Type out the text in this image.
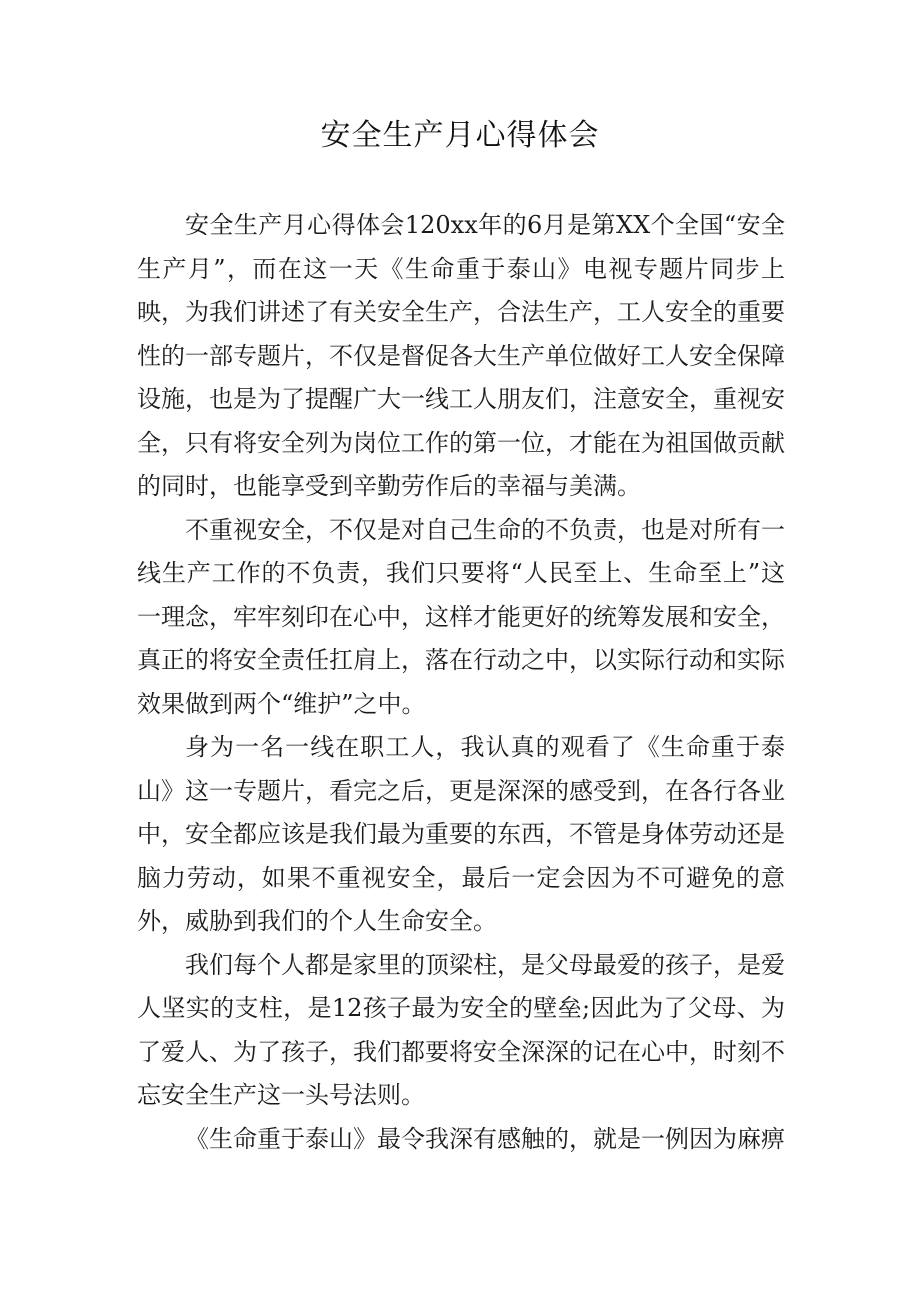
安全生产月心得体会

安全生产月心得体会120xx年的6月是第XX个全国“安全生产月”，而在这一天《生命重于泰山》电视专题片同步上映，为我们讲述了有关安全生产，合法生产，工人安全的重要性的一部专题片，不仅是督促各大生产单位做好工人安全保障设施，也是为了提醒广大一线工人朋友们，注意安全，重视安全，只有将安全列为岗位工作的第一位，才能在为祖国做贡献的同时，也能享受到辛勤劳作后的幸福与美满。

不重视安全，不仅是对自己生命的不负责，也是对所有一线生产工作的不负责，我们只要将“人民至上、生命至上”这一理念，牢牢刻印在心中，这样才能更好的统筹发展和安全，真正的将安全责任扛肩上，落在行动之中，以实际行动和实际效果做到两个“维护”之中。

身为一名一线在职工人，我认真的观看了《生命重于泰山》这一专题片，看完之后，更是深深的感受到，在各行各业中，安全都应该是我们最为重要的东西，不管是身体劳动还是脑力劳动，如果不重视安全，最后一定会因为不可避免的意外，威胁到我们的个人生命安全。

我们每个人都是家里的顶梁柱，是父母最爱的孩子，是爱人坚实的支柱，是12孩子最为安全的壁垒;因此为了父母、为了爱人、为了孩子，我们都要将安全深深的记在心中，时刻不忘安全生产这一头号法则。

《生命重于泰山》最令我深有感触的，就是一例因为麻痹
